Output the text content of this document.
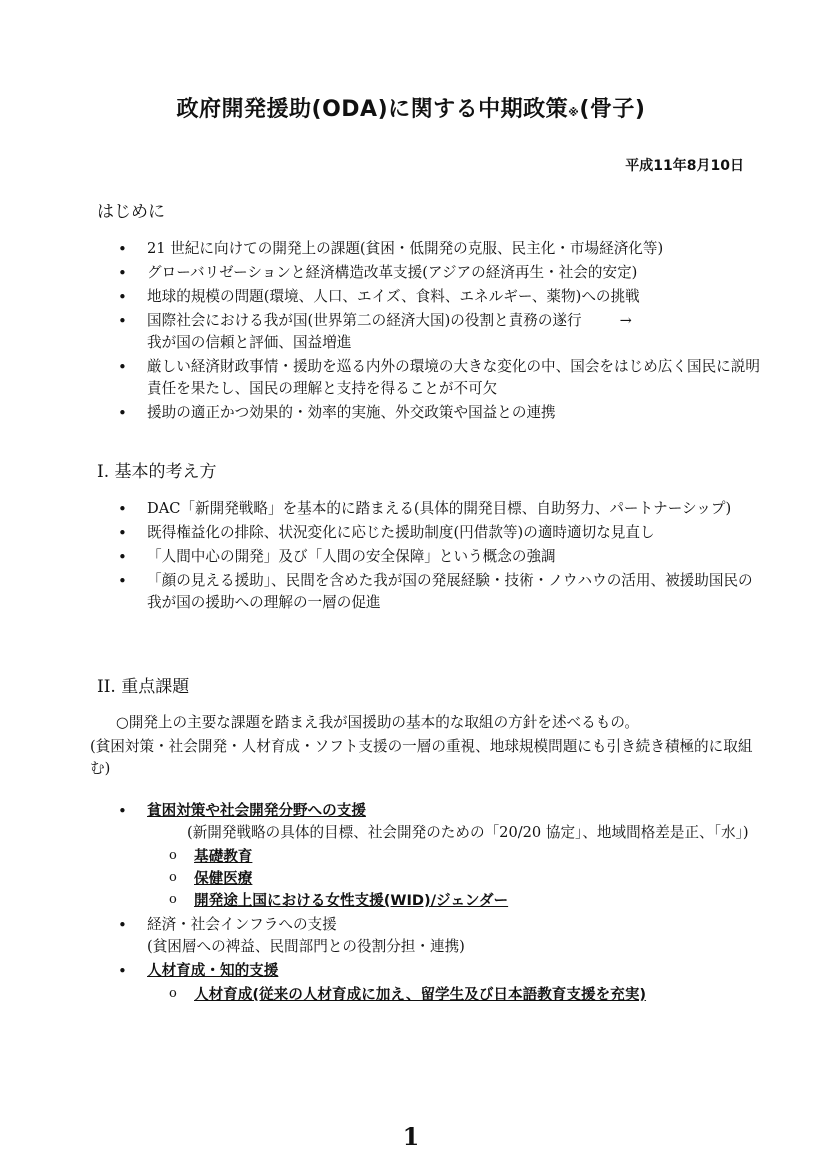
政府開発援助(ODA)に関する中期政策※(骨子)
平成11年8月10日
はじめに
• 21 世紀に向けての開発上の課題(貧困・低開発の克服、民主化・市場経済化等)
• グローバリゼーションと経済構造改革支援(アジアの経済再生・社会的安定)
• 地球的規模の問題(環境、人口、エイズ、食料、エネルギー、薬物)への挑戦
• 国際社会における我が国(世界第二の経済大国)の役割と責務の遂行	→
我が国の信頼と評価、国益増進
• 厳しい経済財政事情・援助を巡る内外の環境の大きな変化の中、国会をはじめ広く国民に説明責任を果たし、国民の理解と支持を得ることが不可欠
• 援助の適正かつ効果的・効率的実施、外交政策や国益との連携
I. 基本的考え方
• DAC「新開発戦略」を基本的に踏まえる(具体的開発目標、自助努力、パートナーシップ)
• 既得権益化の排除、状況変化に応じた援助制度(円借款等)の適時適切な見直し
• 「人間中心の開発」及び「人間の安全保障」という概念の強調
• 「顔の見える援助」、民間を含めた我が国の発展経験・技術・ノウハウの活用、被援助国民の我が国の援助への理解の一層の促進
II. 重点課題
○開発上の主要な課題を踏まえ我が国援助の基本的な取組の方針を述べるもの。
(貧困対策・社会開発・人材育成・ソフト支援の一層の重視、地球規模問題にも引き続き積極的に取組む)
• 貧困対策や社会開発分野への支援
(新開発戦略の具体的目標、社会開発のための「20/20 協定」、地域間格差是正、「水」)
o 基礎教育
o 保健医療
o 開発途上国における女性支援(WID)/ジェンダー
• 経済・社会インフラへの支援
(貧困層への裨益、民間部門との役割分担・連携)
• 人材育成・知的支援
o 人材育成(従来の人材育成に加え、留学生及び日本語教育支援を充実)
1
